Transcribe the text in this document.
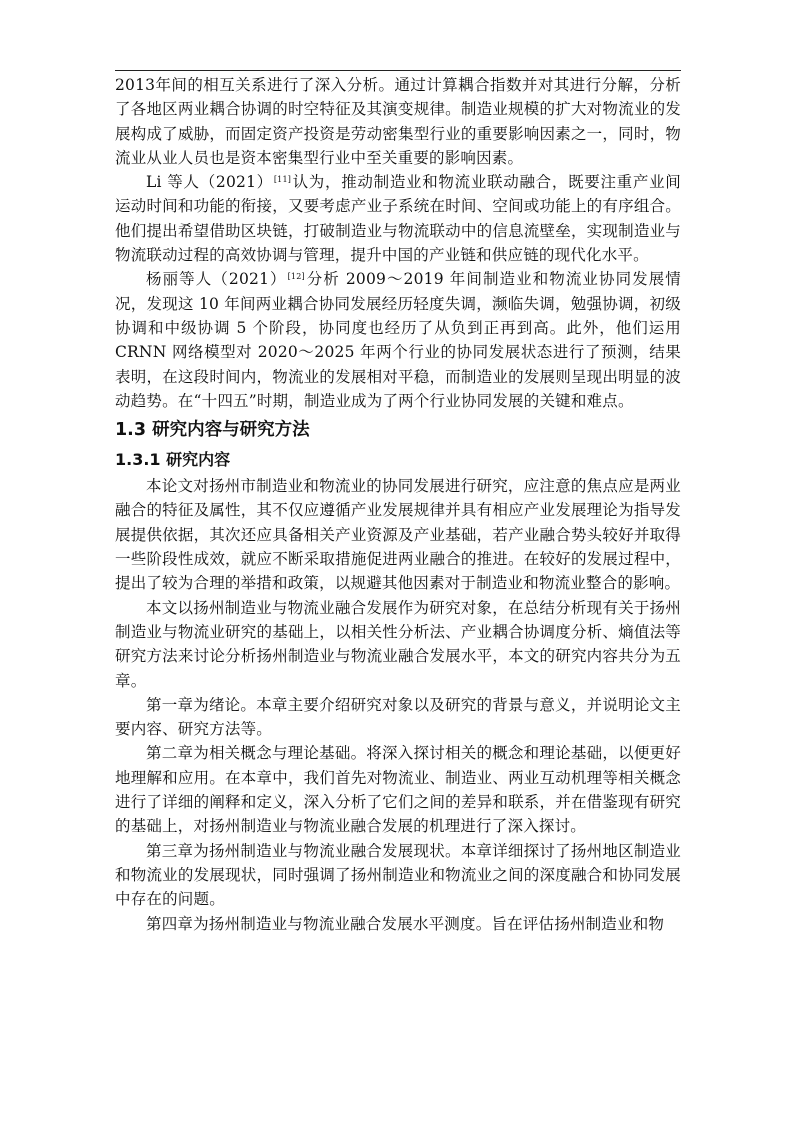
2013年间的相互关系进行了深入分析。通过计算耦合指数并对其进行分解，分析了各地区两业耦合协调的时空特征及其演变规律。制造业规模的扩大对物流业的发展构成了威胁，而固定资产投资是劳动密集型行业的重要影响因素之一，同时，物流业从业人员也是资本密集型行业中至关重要的影响因素。

Li 等人（2021）[11]认为，推动制造业和物流业联动融合，既要注重产业间运动时间和功能的衔接，又要考虑产业子系统在时间、空间或功能上的有序组合。他们提出希望借助区块链，打破制造业与物流联动中的信息流壁垒，实现制造业与物流联动过程的高效协调与管理，提升中国的产业链和供应链的现代化水平。

杨丽等人（2021）[12]分析 2009～2019 年间制造业和物流业协同发展情况，发现这 10 年间两业耦合协同发展经历轻度失调，濒临失调，勉强协调，初级协调和中级协调 5 个阶段，协同度也经历了从负到正再到高。此外，他们运用 CRNN 网络模型对 2020～2025 年两个行业的协同发展状态进行了预测，结果表明，在这段时间内，物流业的发展相对平稳，而制造业的发展则呈现出明显的波动趋势。在“十四五”时期，制造业成为了两个行业协同发展的关键和难点。

1.3 研究内容与研究方法
1.3.1 研究内容

本论文对扬州市制造业和物流业的协同发展进行研究，应注意的焦点应是两业融合的特征及属性，其不仅应遵循产业发展规律并具有相应产业发展理论为指导发展提供依据，其次还应具备相关产业资源及产业基础，若产业融合势头较好并取得一些阶段性成效，就应不断采取措施促进两业融合的推进。在较好的发展过程中，提出了较为合理的举措和政策，以规避其他因素对于制造业和物流业整合的影响。

本文以扬州制造业与物流业融合发展作为研究对象，在总结分析现有关于扬州制造业与物流业研究的基础上，以相关性分析法、产业耦合协调度分析、熵值法等研究方法来讨论分析扬州制造业与物流业融合发展水平，本文的研究内容共分为五章。

第一章为绪论。本章主要介绍研究对象以及研究的背景与意义，并说明论文主要内容、研究方法等。

第二章为相关概念与理论基础。将深入探讨相关的概念和理论基础，以便更好地理解和应用。在本章中，我们首先对物流业、制造业、两业互动机理等相关概念进行了详细的阐释和定义，深入分析了它们之间的差异和联系，并在借鉴现有研究的基础上，对扬州制造业与物流业融合发展的机理进行了深入探讨。

第三章为扬州制造业与物流业融合发展现状。本章详细探讨了扬州地区制造业和物流业的发展现状，同时强调了扬州制造业和物流业之间的深度融合和协同发展中存在的问题。

第四章为扬州制造业与物流业融合发展水平测度。旨在评估扬州制造业和物
